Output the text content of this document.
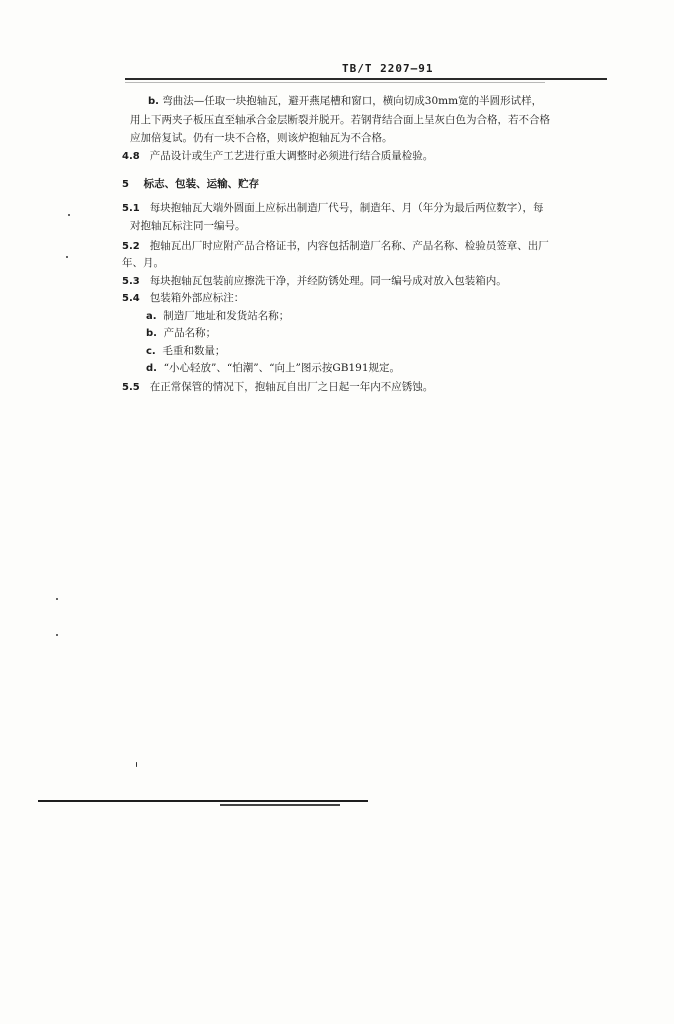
TB/T 2207—91
b. 弯曲法—任取一块抱轴瓦，避开燕尾槽和窗口，横向切成30mm宽的半圆形试样，
用上下两夹子板压直至轴承合金层断裂并脱开。若钢背结合面上呈灰白色为合格，若不合格
应加倍复试。仍有一块不合格，则该炉抱轴瓦为不合格。
4.8 产品设计或生产工艺进行重大调整时必须进行结合质量检验。
5 标志、包装、运输、贮存
5.1 每块抱轴瓦大端外圆面上应标出制造厂代号，制造年、月（年分为最后两位数字），每
对抱轴瓦标注同一编号。
5.2 抱轴瓦出厂时应附产品合格证书，内容包括制造厂名称、产品名称、检验员签章、出厂
年、月。
5.3 每块抱轴瓦包装前应擦洗干净，并经防锈处理。同一编号成对放入包装箱内。
5.4 包装箱外部应标注：
a. 制造厂地址和发货站名称；
b. 产品名称；
c. 毛重和数量；
d. “小心轻放”、“怕潮”、“向上”图示按GB191规定。
5.5 在正常保管的情况下，抱轴瓦自出厂之日起一年内不应锈蚀。
